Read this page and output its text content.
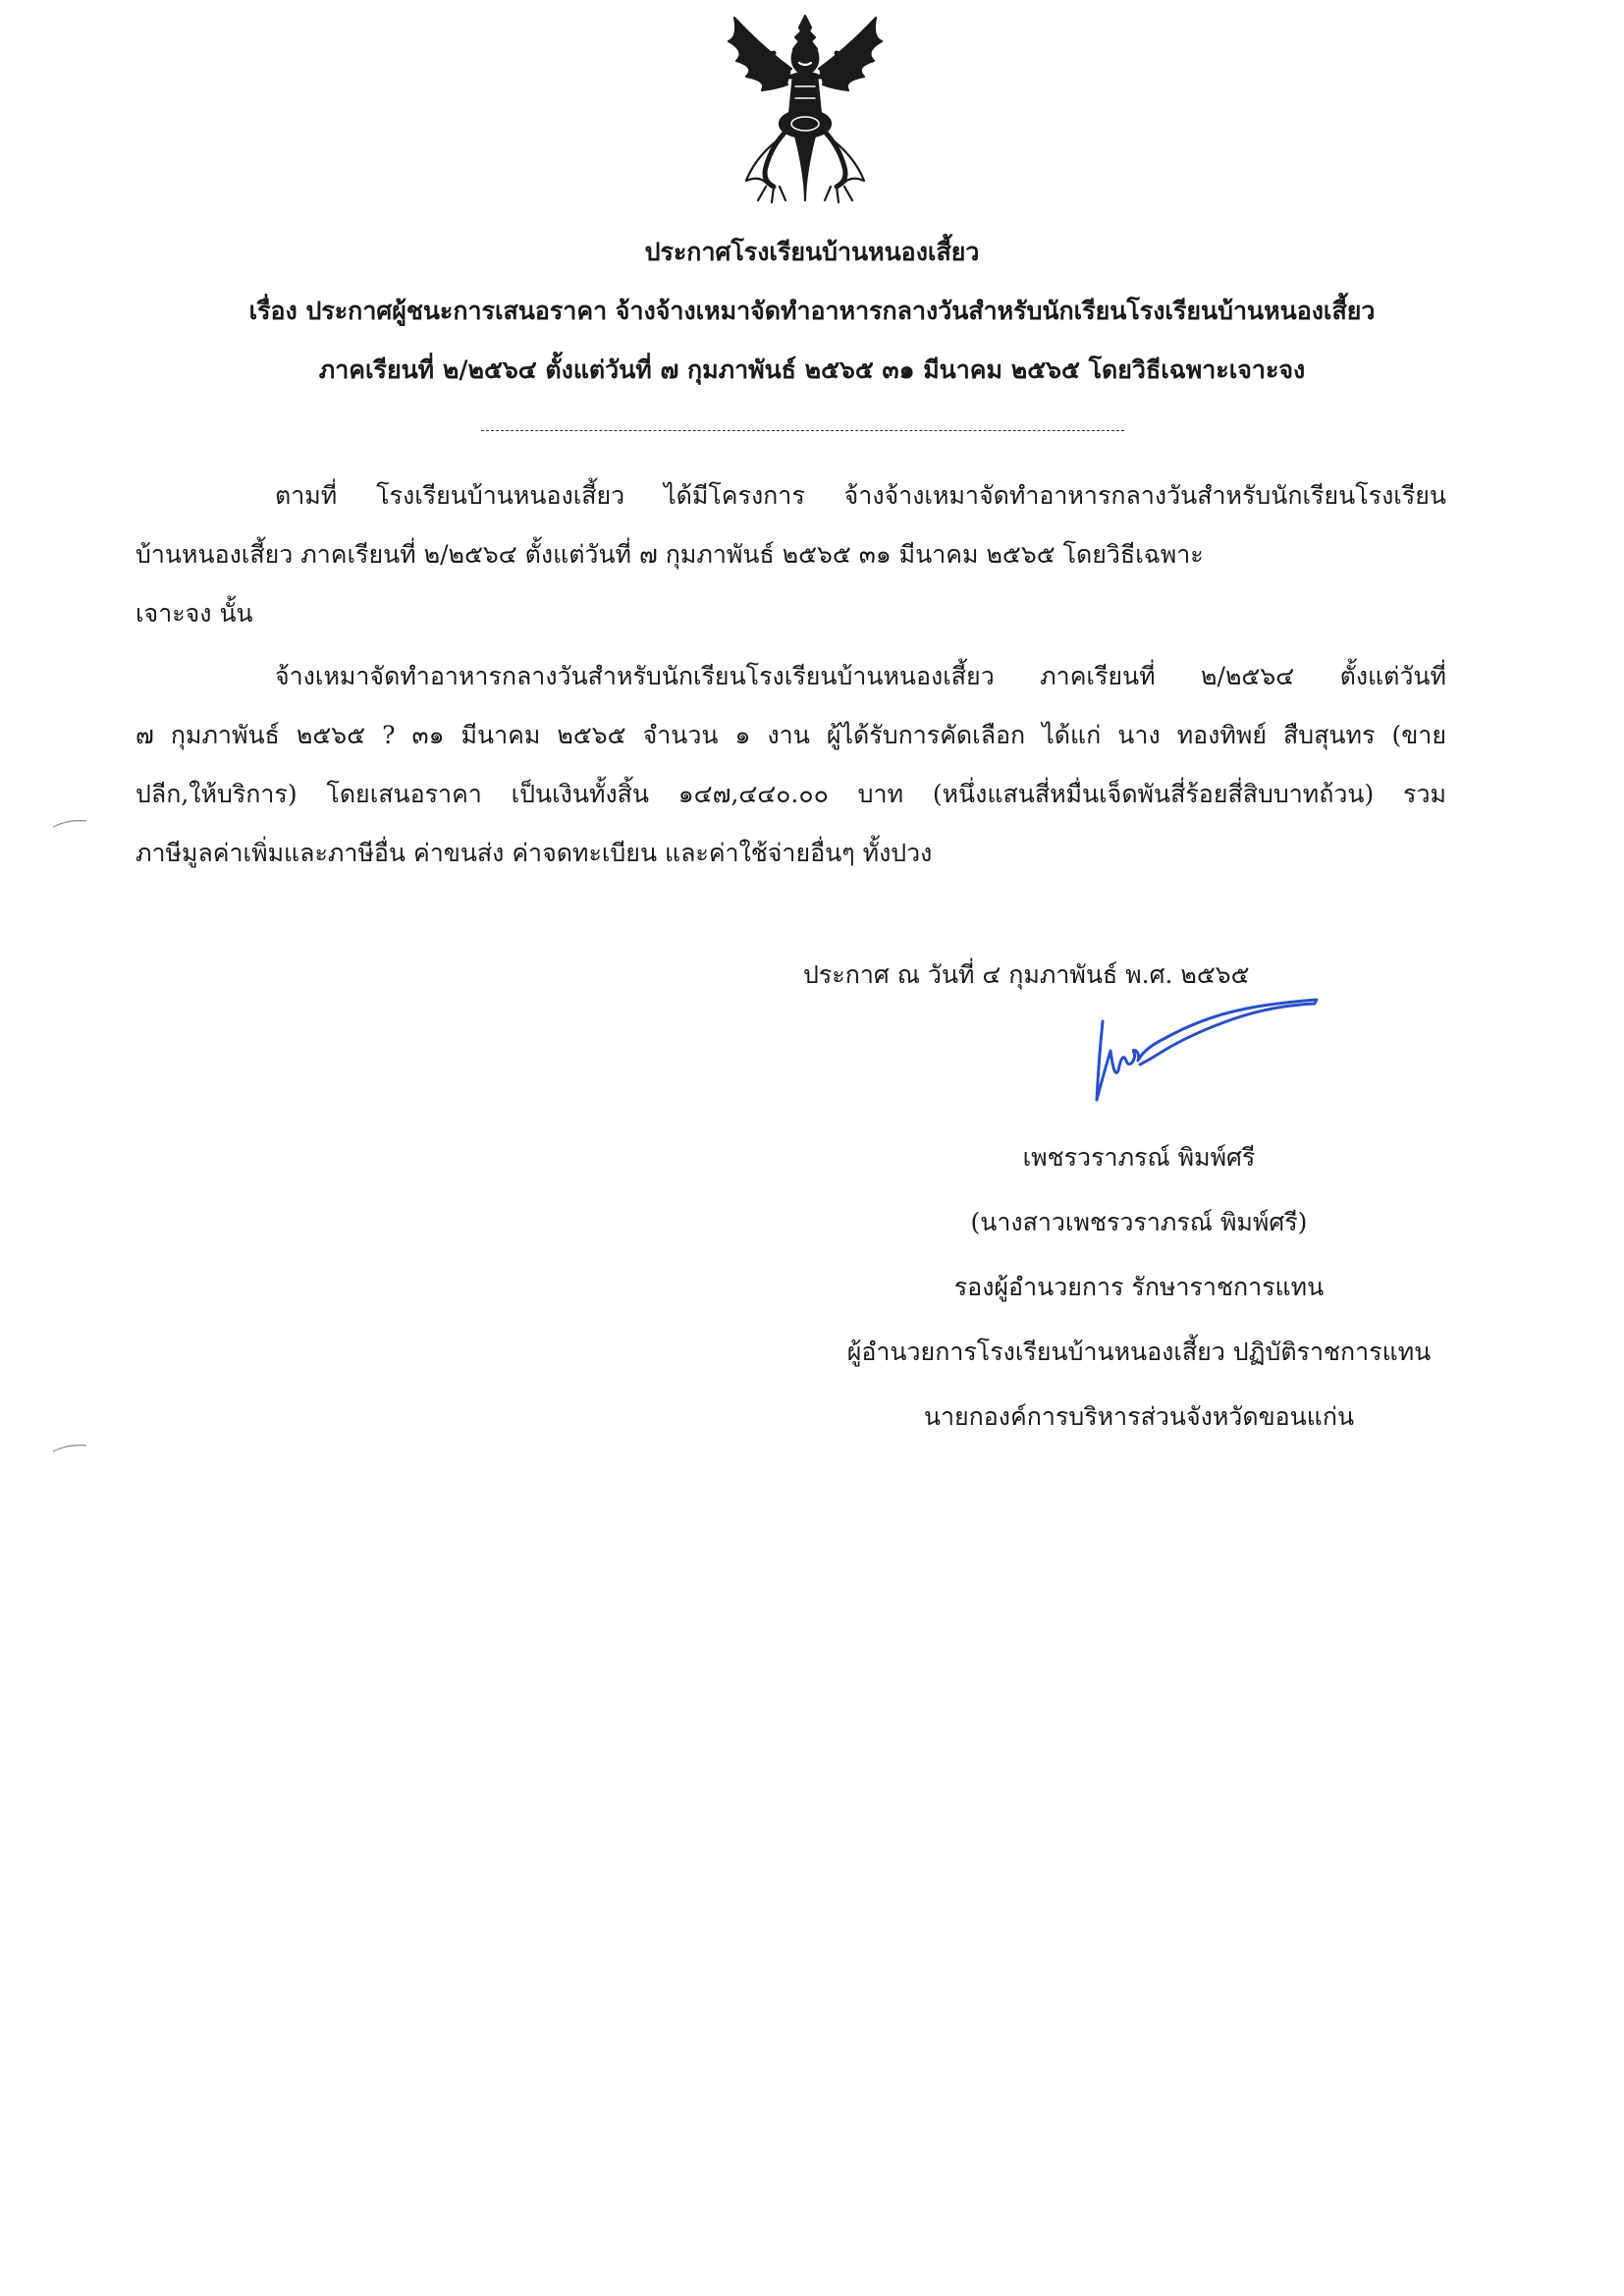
ประกาศโรงเรียนบ้านหนองเสี้ยว
เรื่อง ประกาศผู้ชนะการเสนอราคา จ้างจ้างเหมาจัดทำอาหารกลางวันสำหรับนักเรียนโรงเรียนบ้านหนองเสี้ยว
ภาคเรียนที่ ๒/๒๕๖๔ ตั้งแต่วันที่ ๗ กุมภาพันธ์ ๒๕๖๕ ๓๑ มีนาคม ๒๕๖๕ โดยวิธีเฉพาะเจาะจง
ตามที่ โรงเรียนบ้านหนองเสี้ยว ได้มีโครงการ จ้างจ้างเหมาจัดทำอาหารกลางวันสำหรับนักเรียนโรงเรียน
บ้านหนองเสี้ยว ภาคเรียนที่ ๒/๒๕๖๔ ตั้งแต่วันที่ ๗ กุมภาพันธ์ ๒๕๖๕ ๓๑ มีนาคม ๒๕๖๕ โดยวิธีเฉพาะ
เจาะจง นั้น
จ้างเหมาจัดทำอาหารกลางวันสำหรับนักเรียนโรงเรียนบ้านหนองเสี้ยว ภาคเรียนที่ ๒/๒๕๖๔ ตั้งแต่วันที่
๗ กุมภาพันธ์ ๒๕๖๕ ? ๓๑ มีนาคม ๒๕๖๕ จำนวน ๑ งาน ผู้ได้รับการคัดเลือก ได้แก่ นาง ทองทิพย์ สืบสุนทร (ขาย
ปลีก,ให้บริการ) โดยเสนอราคา เป็นเงินทั้งสิ้น ๑๔๗,๔๔๐.๐๐ บาท (หนึ่งแสนสี่หมื่นเจ็ดพันสี่ร้อยสี่สิบบาทถ้วน) รวม
ภาษีมูลค่าเพิ่มและภาษีอื่น ค่าขนส่ง ค่าจดทะเบียน และค่าใช้จ่ายอื่นๆ ทั้งปวง
ประกาศ ณ วันที่ ๔ กุมภาพันธ์ พ.ศ. ๒๕๖๕
เพชรวราภรณ์ พิมพ์ศรี
(นางสาวเพชรวราภรณ์ พิมพ์ศรี)
รองผู้อำนวยการ รักษาราชการแทน
ผู้อำนวยการโรงเรียนบ้านหนองเสี้ยว ปฏิบัติราชการแทน
นายกองค์การบริหารส่วนจังหวัดขอนแก่น
